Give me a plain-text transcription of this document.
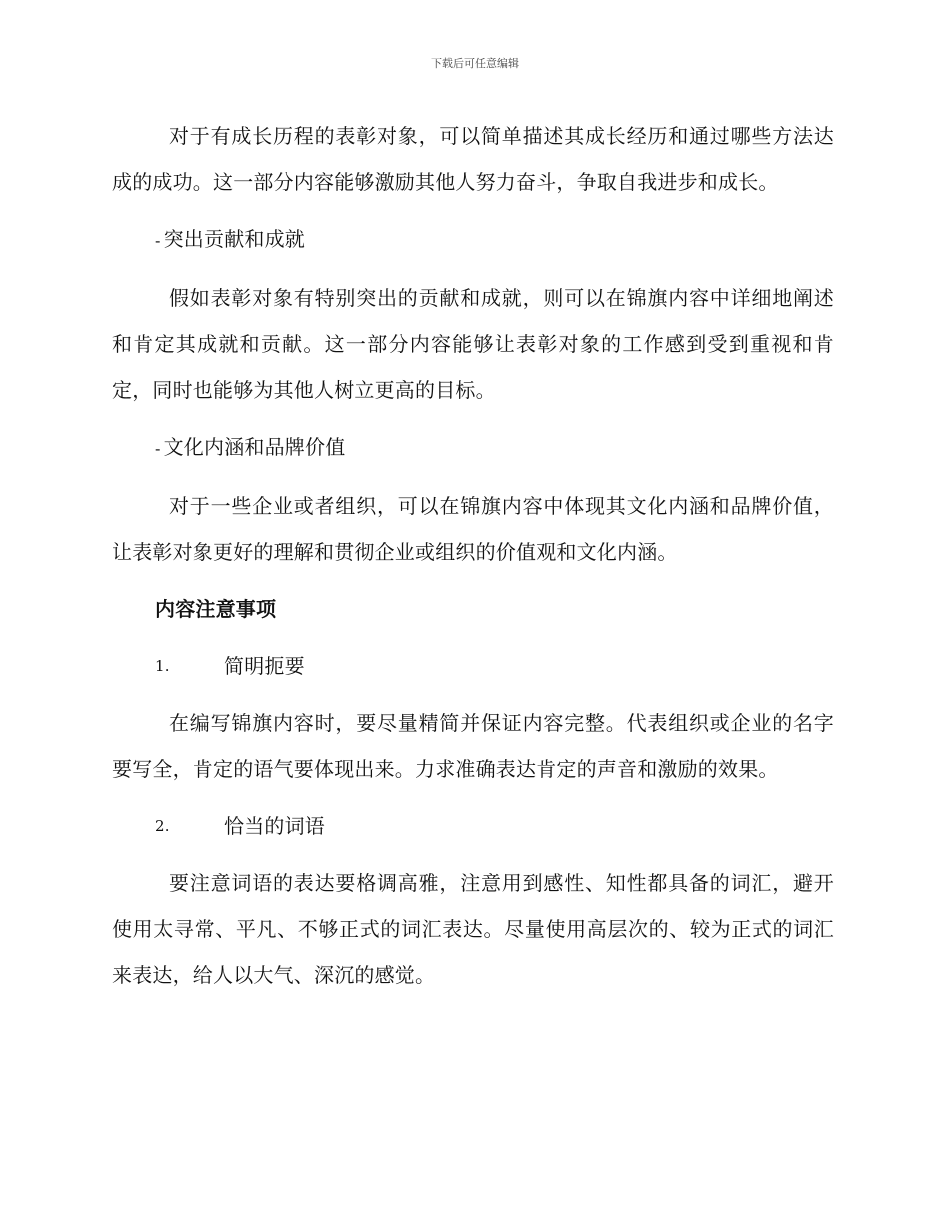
下载后可任意编辑

对于有成长历程的表彰对象，可以简单描述其成长经历和通过哪些方法达成的成功。这一部分内容能够激励其他人努力奋斗，争取自我进步和成长。

- 突出贡献和成就

假如表彰对象有特别突出的贡献和成就，则可以在锦旗内容中详细地阐述和肯定其成就和贡献。这一部分内容能够让表彰对象的工作感到受到重视和肯定，同时也能够为其他人树立更高的目标。

- 文化内涵和品牌价值

对于一些企业或者组织，可以在锦旗内容中体现其文化内涵和品牌价值，让表彰对象更好的理解和贯彻企业或组织的价值观和文化内涵。

内容注意事项
1.	简明扼要

在编写锦旗内容时，要尽量精简并保证内容完整。代表组织或企业的名字要写全，肯定的语气要体现出来。力求准确表达肯定的声音和激励的效果。

2.	恰当的词语

要注意词语的表达要格调高雅，注意用到感性、知性都具备的词汇，避开使用太寻常、平凡、不够正式的词汇表达。尽量使用高层次的、较为正式的词汇来表达，给人以大气、深沉的感觉。
